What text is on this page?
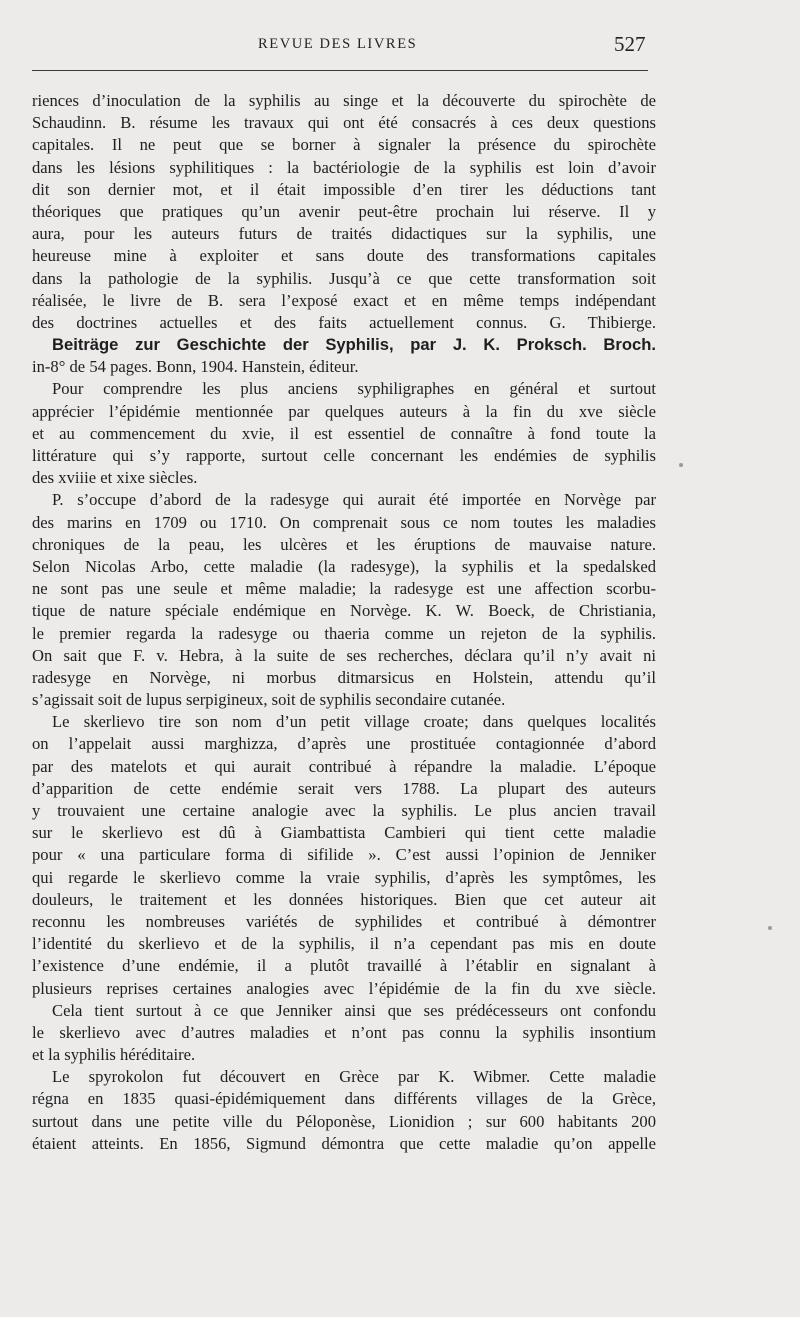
REVUE DES LIVRES	527
riences d’inoculation de la syphilis au singe et la découverte du spirochète de
Schaudinn. B. résume les travaux qui ont été consacrés à ces deux questions
capitales. Il ne peut que se borner à signaler la présence du spirochète
dans les lésions syphilitiques : la bactériologie de la syphilis est loin d’avoir
dit son dernier mot, et il était impossible d’en tirer les déductions tant
théoriques que pratiques qu’un avenir peut-être prochain lui réserve. Il y
aura, pour les auteurs futurs de traités didactiques sur la syphilis, une
heureuse mine à exploiter et sans doute des transformations capitales
dans la pathologie de la syphilis. Jusqu’à ce que cette transformation soit
réalisée, le livre de B. sera l’exposé exact et en même temps indépendant
des doctrines actuelles et des faits actuellement connus. G. Thibierge.
Beiträge zur Geschichte der Syphilis, par J. K. Proksch. Broch.
in-8° de 54 pages. Bonn, 1904. Hanstein, éditeur.
Pour comprendre les plus anciens syphiligraphes en général et surtout
apprécier l’épidémie mentionnée par quelques auteurs à la fin du xve siècle
et au commencement du xvie, il est essentiel de connaître à fond toute la
littérature qui s’y rapporte, surtout celle concernant les endémies de syphilis
des xviiie et xixe siècles.
P. s’occupe d’abord de la radesyge qui aurait été importée en Norvège par
des marins en 1709 ou 1710. On comprenait sous ce nom toutes les maladies
chroniques de la peau, les ulcères et les éruptions de mauvaise nature.
Selon Nicolas Arbo, cette maladie (la radesyge), la syphilis et la spedalsked
ne sont pas une seule et même maladie; la radesyge est une affection scorbu-
tique de nature spéciale endémique en Norvège. K. W. Boeck, de Christiania,
le premier regarda la radesyge ou thaeria comme un rejeton de la syphilis.
On sait que F. v. Hebra, à la suite de ses recherches, déclara qu’il n’y avait ni
radesyge en Norvège, ni morbus ditmarsicus en Holstein, attendu qu’il
s’agissait soit de lupus serpigineux, soit de syphilis secondaire cutanée.
Le skerlievo tire son nom d’un petit village croate; dans quelques localités
on l’appelait aussi marghizza, d’après une prostituée contagionnée d’abord
par des matelots et qui aurait contribué à répandre la maladie. L’époque
d’apparition de cette endémie serait vers 1788. La plupart des auteurs
y trouvaient une certaine analogie avec la syphilis. Le plus ancien travail
sur le skerlievo est dû à Giambattista Cambieri qui tient cette maladie
pour « una particulare forma di sifilide ». C’est aussi l’opinion de Jenniker
qui regarde le skerlievo comme la vraie syphilis, d’après les symptômes, les
douleurs, le traitement et les données historiques. Bien que cet auteur ait
reconnu les nombreuses variétés de syphilides et contribué à démontrer
l’identité du skerlievo et de la syphilis, il n’a cependant pas mis en doute
l’existence d’une endémie, il a plutôt travaillé à l’établir en signalant à
plusieurs reprises certaines analogies avec l’épidémie de la fin du xve siècle.
Cela tient surtout à ce que Jenniker ainsi que ses prédécesseurs ont confondu
le skerlievo avec d’autres maladies et n’ont pas connu la syphilis insontium
et la syphilis héréditaire.
Le spyrokolon fut découvert en Grèce par K. Wibmer. Cette maladie
régna en 1835 quasi-épidémiquement dans différents villages de la Grèce,
surtout dans une petite ville du Péloponèse, Lionidion ; sur 600 habitants 200
étaient atteints. En 1856, Sigmund démontra que cette maladie qu’on appelle
